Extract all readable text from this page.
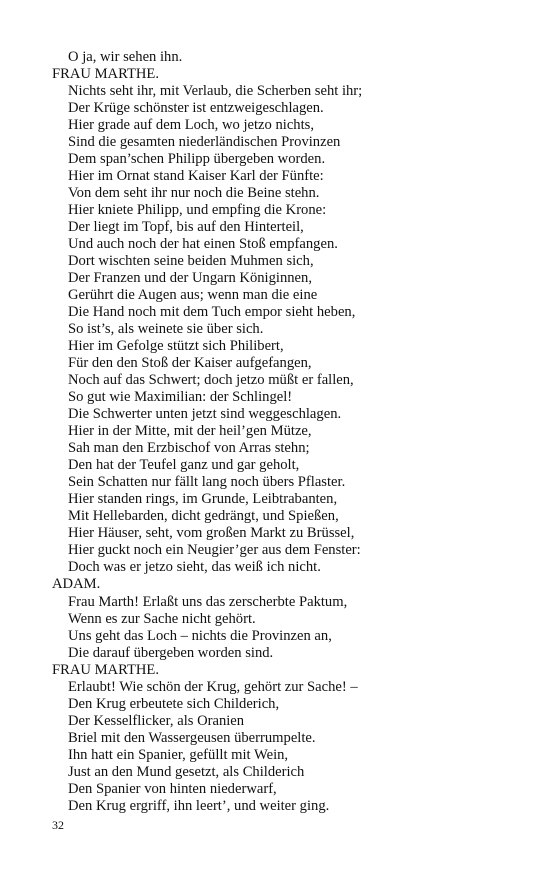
O ja, wir sehen ihn.
FRAU MARTHE.
Nichts seht ihr, mit Verlaub, die Scherben seht ihr;
Der Krüge schönster ist entzweigeschlagen.
Hier grade auf dem Loch, wo jetzo nichts,
Sind die gesamten niederländischen Provinzen
Dem span’schen Philipp übergeben worden.
Hier im Ornat stand Kaiser Karl der Fünfte:
Von dem seht ihr nur noch die Beine stehn.
Hier kniete Philipp, und empfing die Krone:
Der liegt im Topf, bis auf den Hinterteil,
Und auch noch der hat einen Stoß empfangen.
Dort wischten seine beiden Muhmen sich,
Der Franzen und der Ungarn Königinnen,
Gerührt die Augen aus; wenn man die eine
Die Hand noch mit dem Tuch empor sieht heben,
So ist’s, als weinete sie über sich.
Hier im Gefolge stützt sich Philibert,
Für den den Stoß der Kaiser aufgefangen,
Noch auf das Schwert; doch jetzo müßt er fallen,
So gut wie Maximilian: der Schlingel!
Die Schwerter unten jetzt sind weggeschlagen.
Hier in der Mitte, mit der heil’gen Mütze,
Sah man den Erzbischof von Arras stehn;
Den hat der Teufel ganz und gar geholt,
Sein Schatten nur fällt lang noch übers Pflaster.
Hier standen rings, im Grunde, Leibtrabanten,
Mit Hellebarden, dicht gedrängt, und Spießen,
Hier Häuser, seht, vom großen Markt zu Brüssel,
Hier guckt noch ein Neugier’ger aus dem Fenster:
Doch was er jetzo sieht, das weiß ich nicht.
ADAM.
Frau Marth! Erlaßt uns das zerscherbte Paktum,
Wenn es zur Sache nicht gehört.
Uns geht das Loch – nichts die Provinzen an,
Die darauf übergeben worden sind.
FRAU MARTHE.
Erlaubt! Wie schön der Krug, gehört zur Sache! –
Den Krug erbeutete sich Childerich,
Der Kesselflicker, als Oranien
Briel mit den Wassergeusen überrumpelte.
Ihn hatt ein Spanier, gefüllt mit Wein,
Just an den Mund gesetzt, als Childerich
Den Spanier von hinten niederwarf,
Den Krug ergriff, ihn leert’, und weiter ging.
32
